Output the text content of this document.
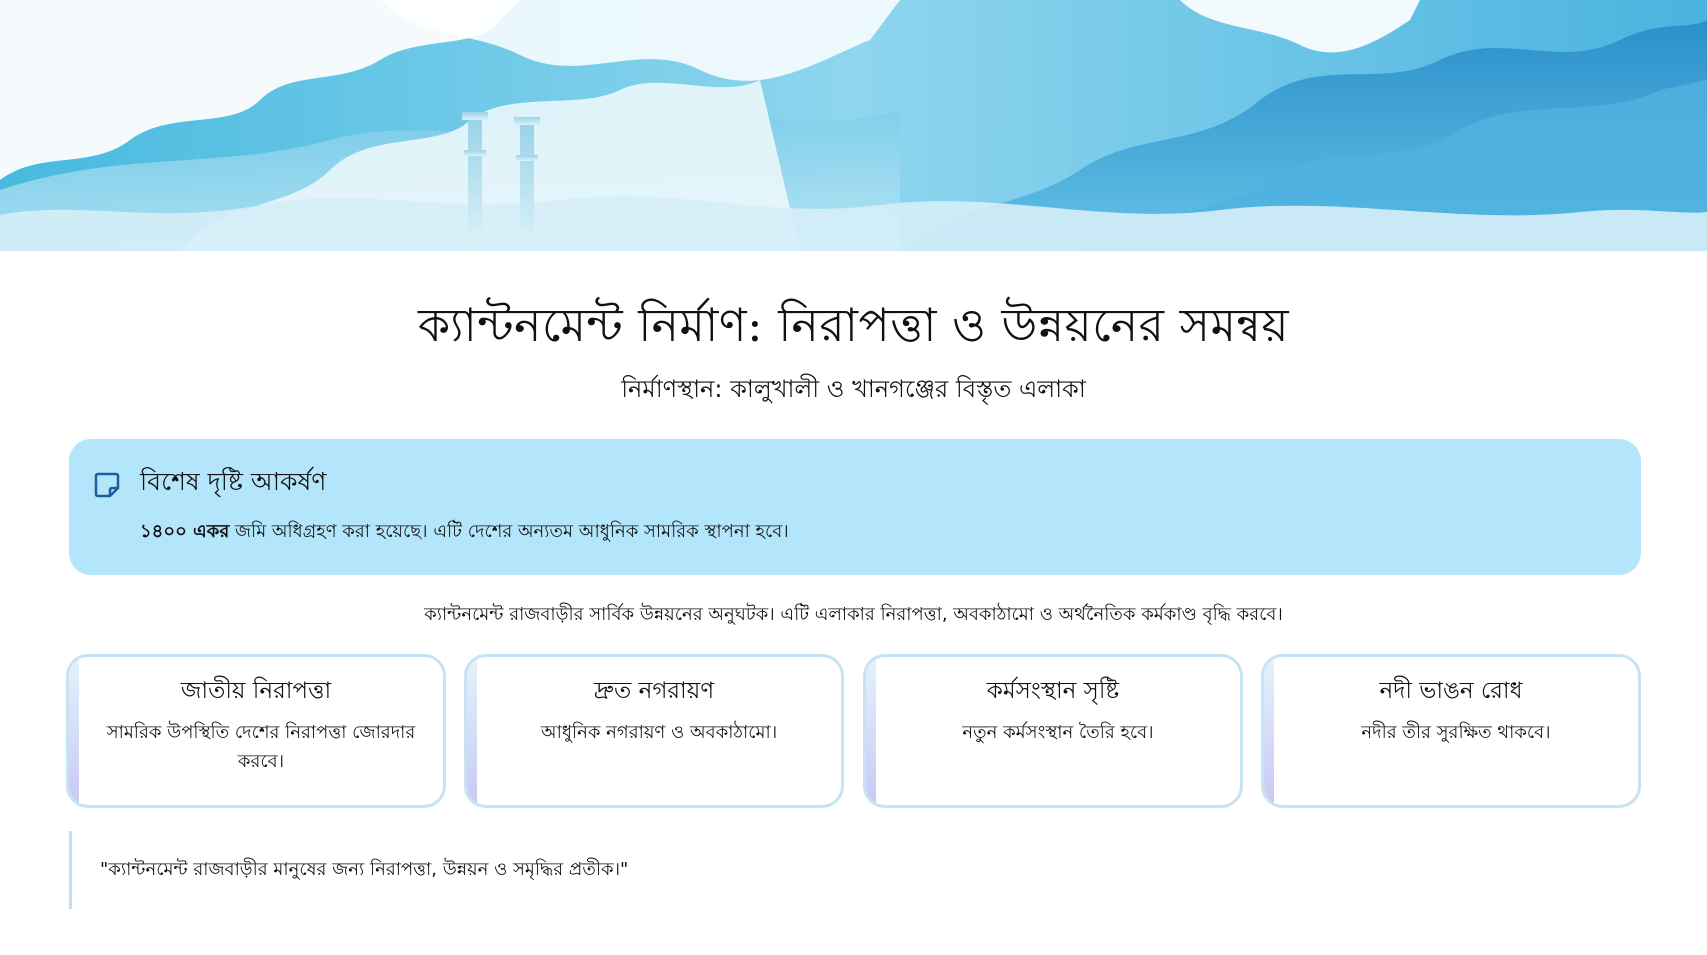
ক্যান্টনমেন্ট নির্মাণ: নিরাপত্তা ও উন্নয়নের সমন্বয়
নির্মাণস্থান: কালুখালী ও খানগঞ্জের বিস্তৃত এলাকা
বিশেষ দৃষ্টি আকর্ষণ
১৪০০ একর জমি অধিগ্রহণ করা হয়েছে। এটি দেশের অন্যতম আধুনিক সামরিক স্থাপনা হবে।
ক্যান্টনমেন্ট রাজবাড়ীর সার্বিক উন্নয়নের অনুঘটক। এটি এলাকার নিরাপত্তা, অবকাঠামো ও অর্থনৈতিক কর্মকাণ্ড বৃদ্ধি করবে।
জাতীয় নিরাপত্তা
সামরিক উপস্থিতি দেশের নিরাপত্তা জোরদার করবে।
দ্রুত নগরায়ণ
আধুনিক নগরায়ণ ও অবকাঠামো।
কর্মসংস্থান সৃষ্টি
নতুন কর্মসংস্থান তৈরি হবে।
নদী ভাঙন রোধ
নদীর তীর সুরক্ষিত থাকবে।
"ক্যান্টনমেন্ট রাজবাড়ীর মানুষের জন্য নিরাপত্তা, উন্নয়ন ও সমৃদ্ধির প্রতীক।"
